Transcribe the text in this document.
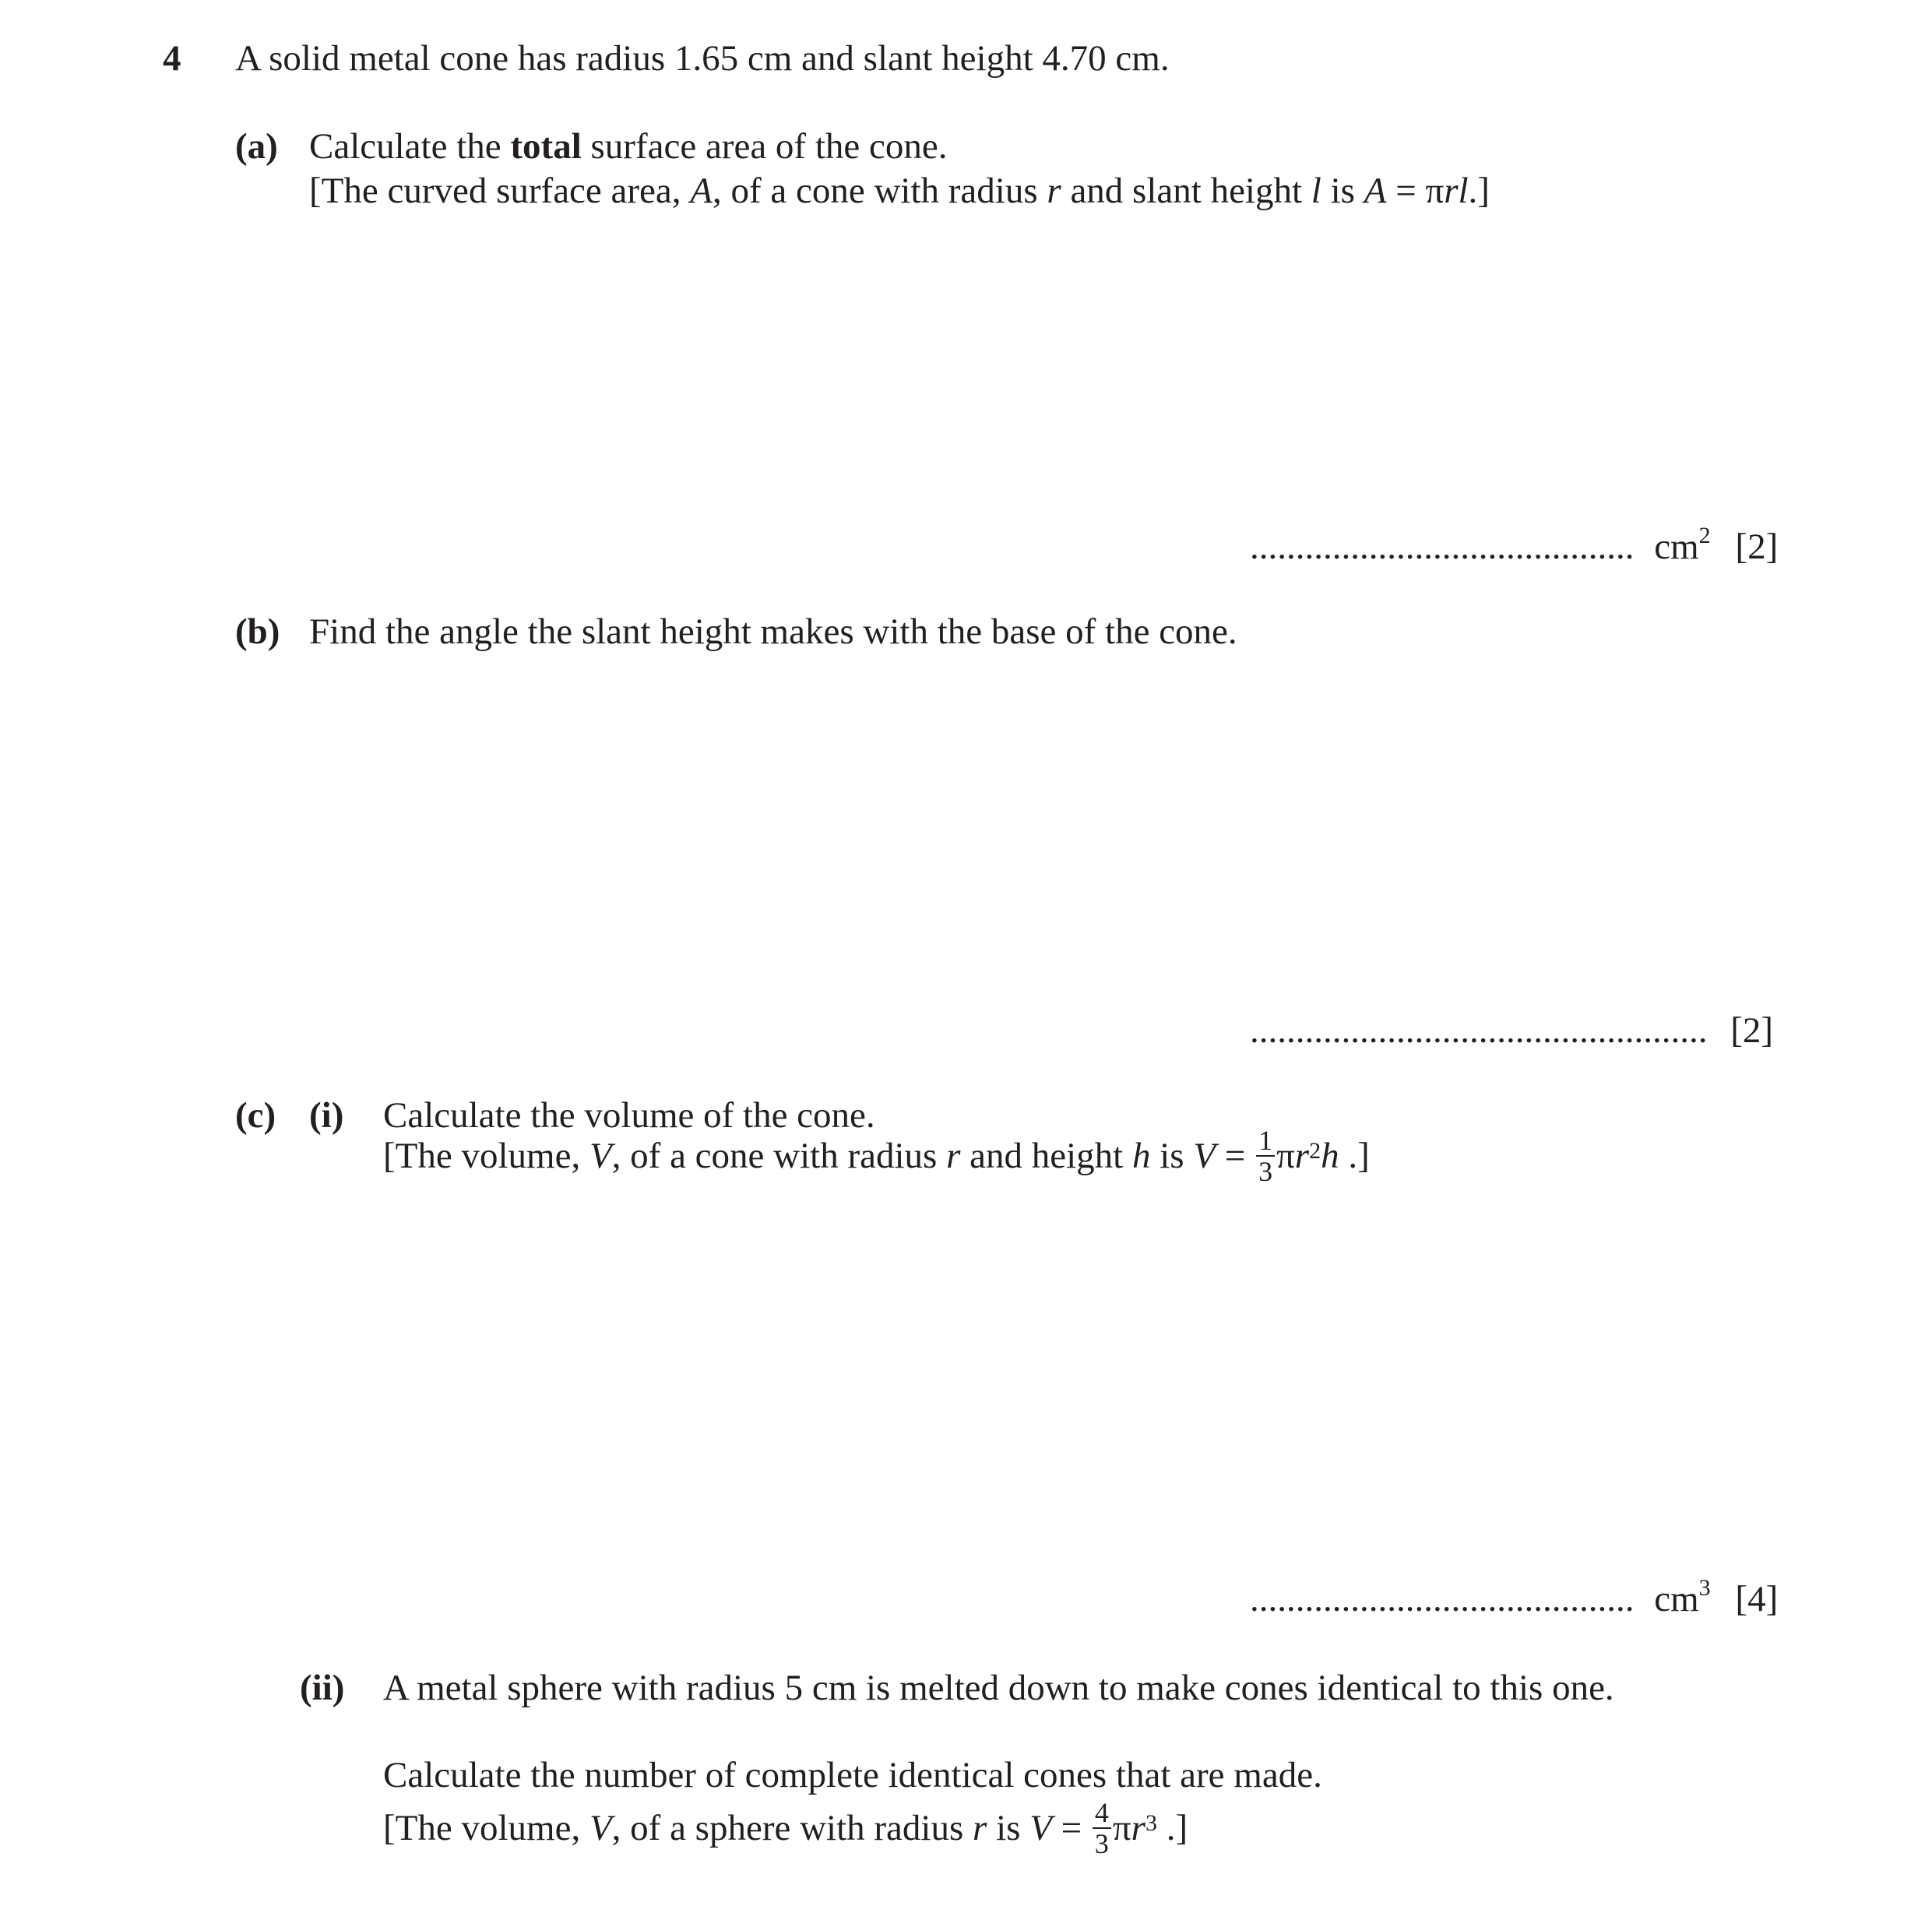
4 A solid metal cone has radius 1.65 cm and slant height 4.70 cm.
(a) Calculate the total surface area of the cone.
[The curved surface area, A, of a cone with radius r and slant height l is A = πrl.]
.......................................... $cm^2$ [2]
(b) Find the angle the slant height makes with the base of the cone.
.................................................. [2]
(c) (i) Calculate the volume of the cone.
[The volume, V, of a cone with radius r and height h is $V = \frac{1}{3} \pi r^2h$ .]
.......................................... $cm^3$ [4]
(ii) A metal sphere with radius 5 cm is melted down to make cones identical to this one.
Calculate the number of complete identical cones that are made.
[The volume, V, of a sphere with radius r is $V = \frac{4}{3} \pi r^3$ .]
